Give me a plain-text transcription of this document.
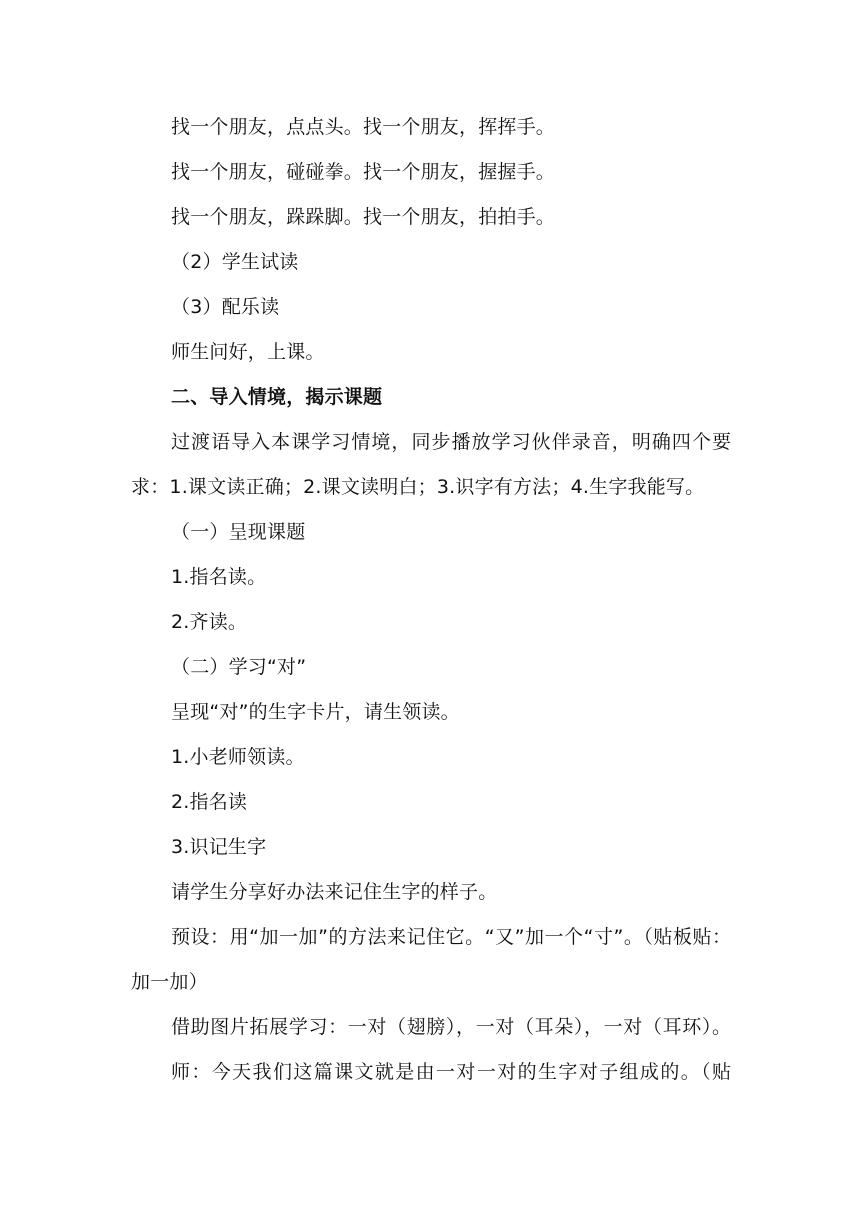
找一个朋友，点点头。找一个朋友，挥挥手。
找一个朋友，碰碰拳。找一个朋友，握握手。
找一个朋友，跺跺脚。找一个朋友，拍拍手。
（2）学生试读
（3）配乐读
师生问好，上课。
二、导入情境，揭示课题
过渡语导入本课学习情境，同步播放学习伙伴录音，明确四个要
求：1.课文读正确；2.课文读明白；3.识字有方法；4.生字我能写。
（一）呈现课题
1.指名读。
2.齐读。
（二）学习“对”
呈现“对”的生字卡片，请生领读。
1.小老师领读。
2.指名读
3.识记生字
请学生分享好办法来记住生字的样子。
预设：用“加一加”的方法来记住它。“又”加一个“寸”。（贴板贴：
加一加）
借助图片拓展学习：一对（翅膀），一对（耳朵），一对（耳环）。
师：今天我们这篇课文就是由一对一对的生字对子组成的。（贴
